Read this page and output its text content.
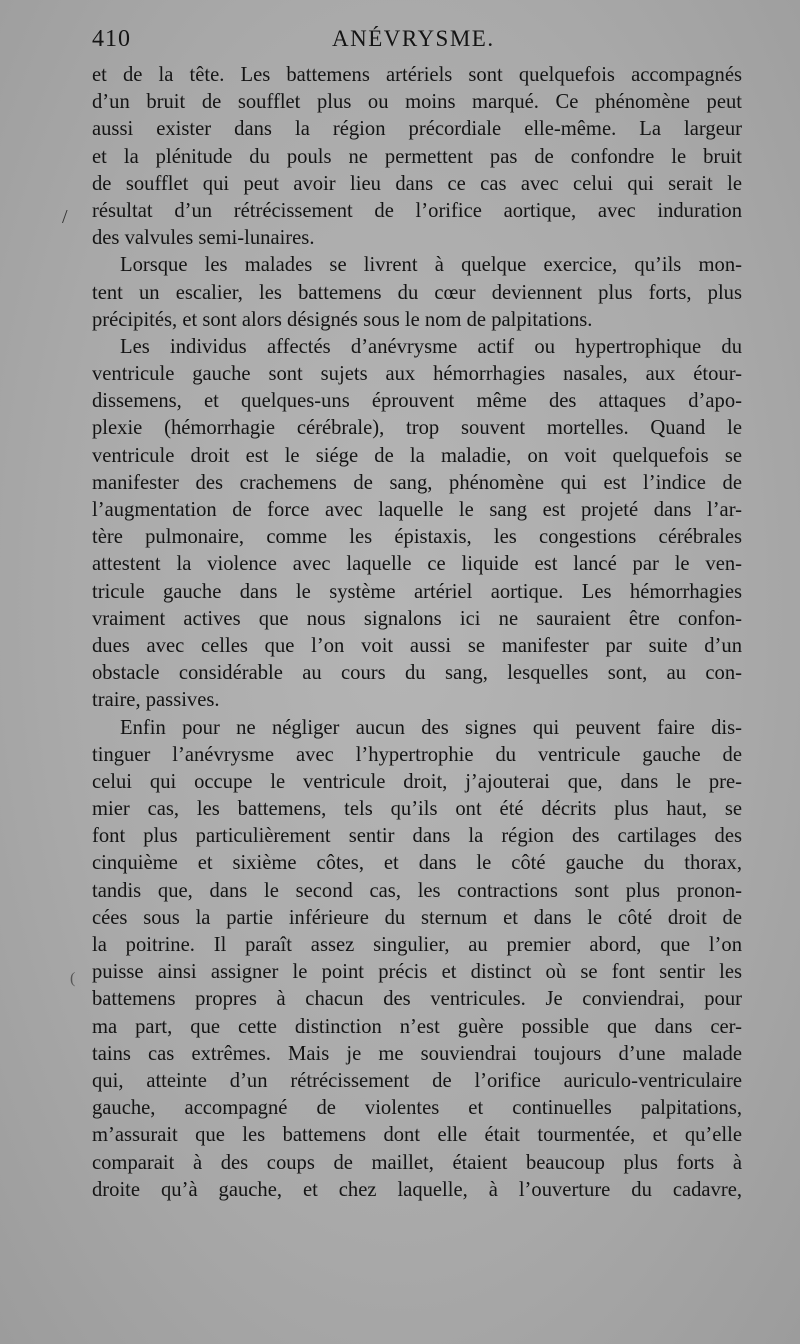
410	ANÉVRYSME.
/
(
et de la tête. Les battemens artériels sont quelquefois accompagnés
d’un bruit de soufflet plus ou moins marqué. Ce phénomène peut
aussi exister dans la région précordiale elle-même. La largeur
et la plénitude du pouls ne permettent pas de confondre le bruit
de soufflet qui peut avoir lieu dans ce cas avec celui qui serait le
résultat d’un rétrécissement de l’orifice aortique, avec induration
des valvules semi-lunaires.
Lorsque les malades se livrent à quelque exercice, qu’ils mon-
tent un escalier, les battemens du cœur deviennent plus forts, plus
précipités, et sont alors désignés sous le nom de palpitations.
Les individus affectés d’anévrysme actif ou hypertrophique du
ventricule gauche sont sujets aux hémorrhagies nasales, aux étour-
dissemens, et quelques-uns éprouvent même des attaques d’apo-
plexie (hémorrhagie cérébrale), trop souvent mortelles. Quand le
ventricule droit est le siége de la maladie, on voit quelquefois se
manifester des crachemens de sang, phénomène qui est l’indice de
l’augmentation de force avec laquelle le sang est projeté dans l’ar-
tère pulmonaire, comme les épistaxis, les congestions cérébrales
attestent la violence avec laquelle ce liquide est lancé par le ven-
tricule gauche dans le système artériel aortique. Les hémorrhagies
vraiment actives que nous signalons ici ne sauraient être confon-
dues avec celles que l’on voit aussi se manifester par suite d’un
obstacle considérable au cours du sang, lesquelles sont, au con-
traire, passives.
Enfin pour ne négliger aucun des signes qui peuvent faire dis-
tinguer l’anévrysme avec l’hypertrophie du ventricule gauche de
celui qui occupe le ventricule droit, j’ajouterai que, dans le pre-
mier cas, les battemens, tels qu’ils ont été décrits plus haut, se
font plus particulièrement sentir dans la région des cartilages des
cinquième et sixième côtes, et dans le côté gauche du thorax,
tandis que, dans le second cas, les contractions sont plus pronon-
cées sous la partie inférieure du sternum et dans le côté droit de
la poitrine. Il paraît assez singulier, au premier abord, que l’on
puisse ainsi assigner le point précis et distinct où se font sentir les
battemens propres à chacun des ventricules. Je conviendrai, pour
ma part, que cette distinction n’est guère possible que dans cer-
tains cas extrêmes. Mais je me souviendrai toujours d’une malade
qui, atteinte d’un rétrécissement de l’orifice auriculo-ventriculaire
gauche, accompagné de violentes et continuelles palpitations,
m’assurait que les battemens dont elle était tourmentée, et qu’elle
comparait à des coups de maillet, étaient beaucoup plus forts à
droite qu’à gauche, et chez laquelle, à l’ouverture du cadavre,
